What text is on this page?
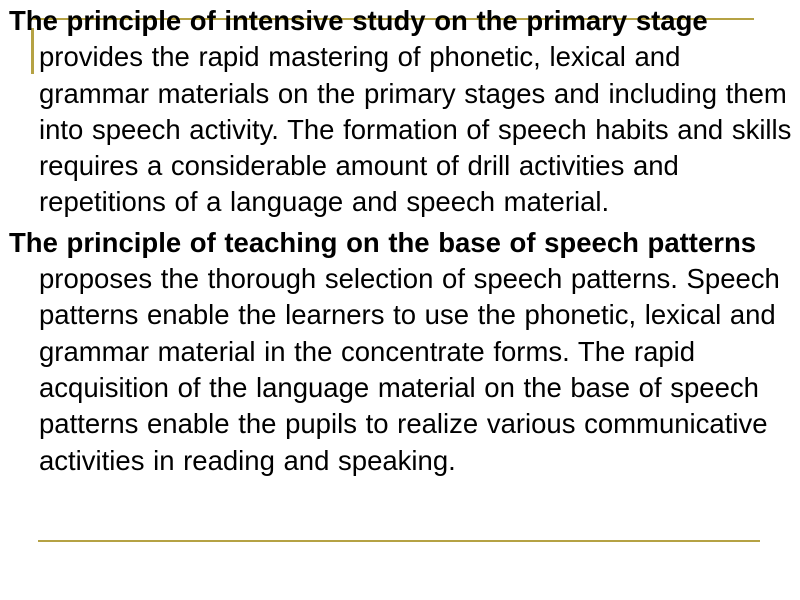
The principle of intensive study on the primary stage provides the rapid mastering of phonetic, lexical and grammar materials on the primary stages and including them into speech activity. The formation of speech habits and skills requires a considerable amount of drill activities and repetitions of a language and speech material.

The principle of teaching on the base of speech patterns proposes the thorough selection of speech patterns. Speech patterns enable the learners to use the phonetic, lexical and grammar material in the concentrate forms. The rapid acquisition of the language material on the base of speech patterns enable the pupils to realize various communicative activities in reading and speaking.
